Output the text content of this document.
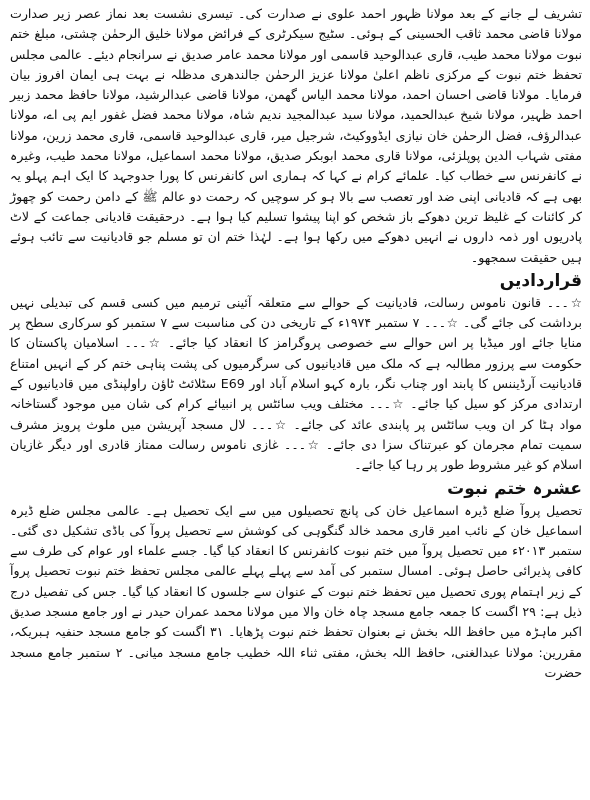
تشریف لے جانے کے بعد مولانا ظہور احمد علوی نے صدارت کی۔ تیسری نشست بعد نماز عصر زیر صدارت مولانا قاضی محمد ثاقب الحسینی کے ہوئی۔ سٹیج سیکرٹری کے فرائض مولانا خلیق الرحمٰن چشتی، مبلغ ختم نبوت مولانا محمد طیب، قاری عبدالوحید قاسمی اور مولانا محمد عامر صدیق نے سرانجام دیئے۔ عالمی مجلس تحفظ ختم نبوت کے مرکزی ناظم اعلیٰ مولانا عزیز الرحمٰن جالندھری مدظلہ نے بہت ہی ایمان افروز بیان فرمایا۔ مولانا قاضی احسان احمد، مولانا محمد الیاس گھمن، مولانا قاضی عبدالرشید، مولانا حافظ محمد زبیر احمد ظہیر، مولانا شیخ عبدالحمید، مولانا سید عبدالمجید ندیم شاہ، مولانا محمد فضل غفور ایم پی اے، مولانا عبدالرؤف، فضل الرحمٰن خان نیازی ایڈووکیٹ، شرجیل میر، قاری عبدالوحید قاسمی، قاری محمد زرین، مولانا مفتی شہاب الدین پوپلزئی، مولانا قاری محمد ابوبکر صدیق، مولانا محمد اسماعیل، مولانا محمد طیب، وغیرہ نے کانفرنس سے خطاب کیا۔ علمائے کرام نے کہا کہ ہماری اس کانفرنس کا پورا جدوجہد کا ایک اہم پہلو یہ بھی ہے کہ قادیانی اپنی ضد اور تعصب سے بالا ہو کر سوچیں کہ رحمت دو عالم ﷺ کے دامن رحمت کو چھوڑ کر کائنات کے غلیظ ترین دھوکے باز شخص کو اپنا پیشوا تسلیم کیا ہوا ہے۔ درحقیقت قادیانی جماعت کے لاٹ پادریوں اور ذمہ داروں نے انہیں دھوکے میں رکھا ہوا ہے۔ لہٰذا ختم ان تو مسلم جو قادیانیت سے تائب ہوئے ہیں حقیقت سمجھو۔

قراردادیں

☆۔۔۔ قانون ناموس رسالت، قادیانیت کے حوالے سے متعلقہ آئینی ترمیم میں کسی قسم کی تبدیلی نہیں برداشت کی جائے گی۔ ☆۔۔۔ ۷ ستمبر ۱۹۷۴ء کے تاریخی دن کی مناسبت سے ۷ ستمبر کو سرکاری سطح پر منایا جائے اور میڈیا پر اس حوالے سے خصوصی پروگرامز کا انعقاد کیا جائے۔ ☆۔۔۔ اسلامیان پاکستان کا حکومت سے پرزور مطالبہ ہے کہ ملک میں قادیانیوں کی سرگرمیوں کی پشت پناہی ختم کر کے انہیں امتناع قادیانیت آرڈیننس کا پابند اور چناب نگر، بارہ کہو اسلام آباد اور E69 سٹلائٹ ٹاؤن راولپنڈی میں قادیانیوں کے ارتدادی مرکز کو سیل کیا جائے۔ ☆۔۔۔ مختلف ویب سائٹس پر انبیائے کرام کی شان میں موجود گستاخانہ مواد ہٹا کر ان ویب سائٹس پر پابندی عائد کی جائے۔ ☆۔۔۔ لال مسجد آپریشن میں ملوث پرویز مشرف سمیت تمام مجرمان کو عبرتناک سزا دی جائے۔ ☆۔۔۔ غازی ناموس رسالت ممتاز قادری اور دیگر غازیان اسلام کو غیر مشروط طور پر رہا کیا جائے۔

عشرہ ختم نبوت

تحصیل پروآ ضلع ڈیرہ اسماعیل خان کی پانچ تحصیلوں میں سے ایک تحصیل ہے۔ عالمی مجلس ضلع ڈیرہ اسماعیل خان کے نائب امیر قاری محمد خالد گنگوہی کی کوشش سے تحصیل پروآ کی باڈی تشکیل دی گئی۔ ستمبر ۲۰۱۳ء میں تحصیل پروآ میں ختم نبوت کانفرنس کا انعقاد کیا گیا۔ جسے علماء اور عوام کی طرف سے کافی پذیرائی حاصل ہوئی۔ امسال ستمبر کی آمد سے پہلے پہلے عالمی مجلس تحفظ ختم نبوت تحصیل پروآ کے زیر اہتمام پوری تحصیل میں تحفظ ختم نبوت کے عنوان سے جلسوں کا انعقاد کیا گیا۔ جس کی تفصیل درج ذیل ہے: ۲۹ اگست کا جمعہ جامع مسجد چاہ خان والا میں مولانا محمد عمران حیدر نے اور جامع مسجد صدیق اکبر ماہڑہ میں حافظ اللہ بخش نے بعنوان تحفظ ختم نبوت پڑھایا۔ ۳۱ اگست کو جامع مسجد حنفیہ ہبریکہ، مقررین: مولانا عبدالغنی، حافظ اللہ بخش، مفتی ثناء اللہ خطیب جامع مسجد میانی۔ ۲ ستمبر جامع مسجد حضرت
